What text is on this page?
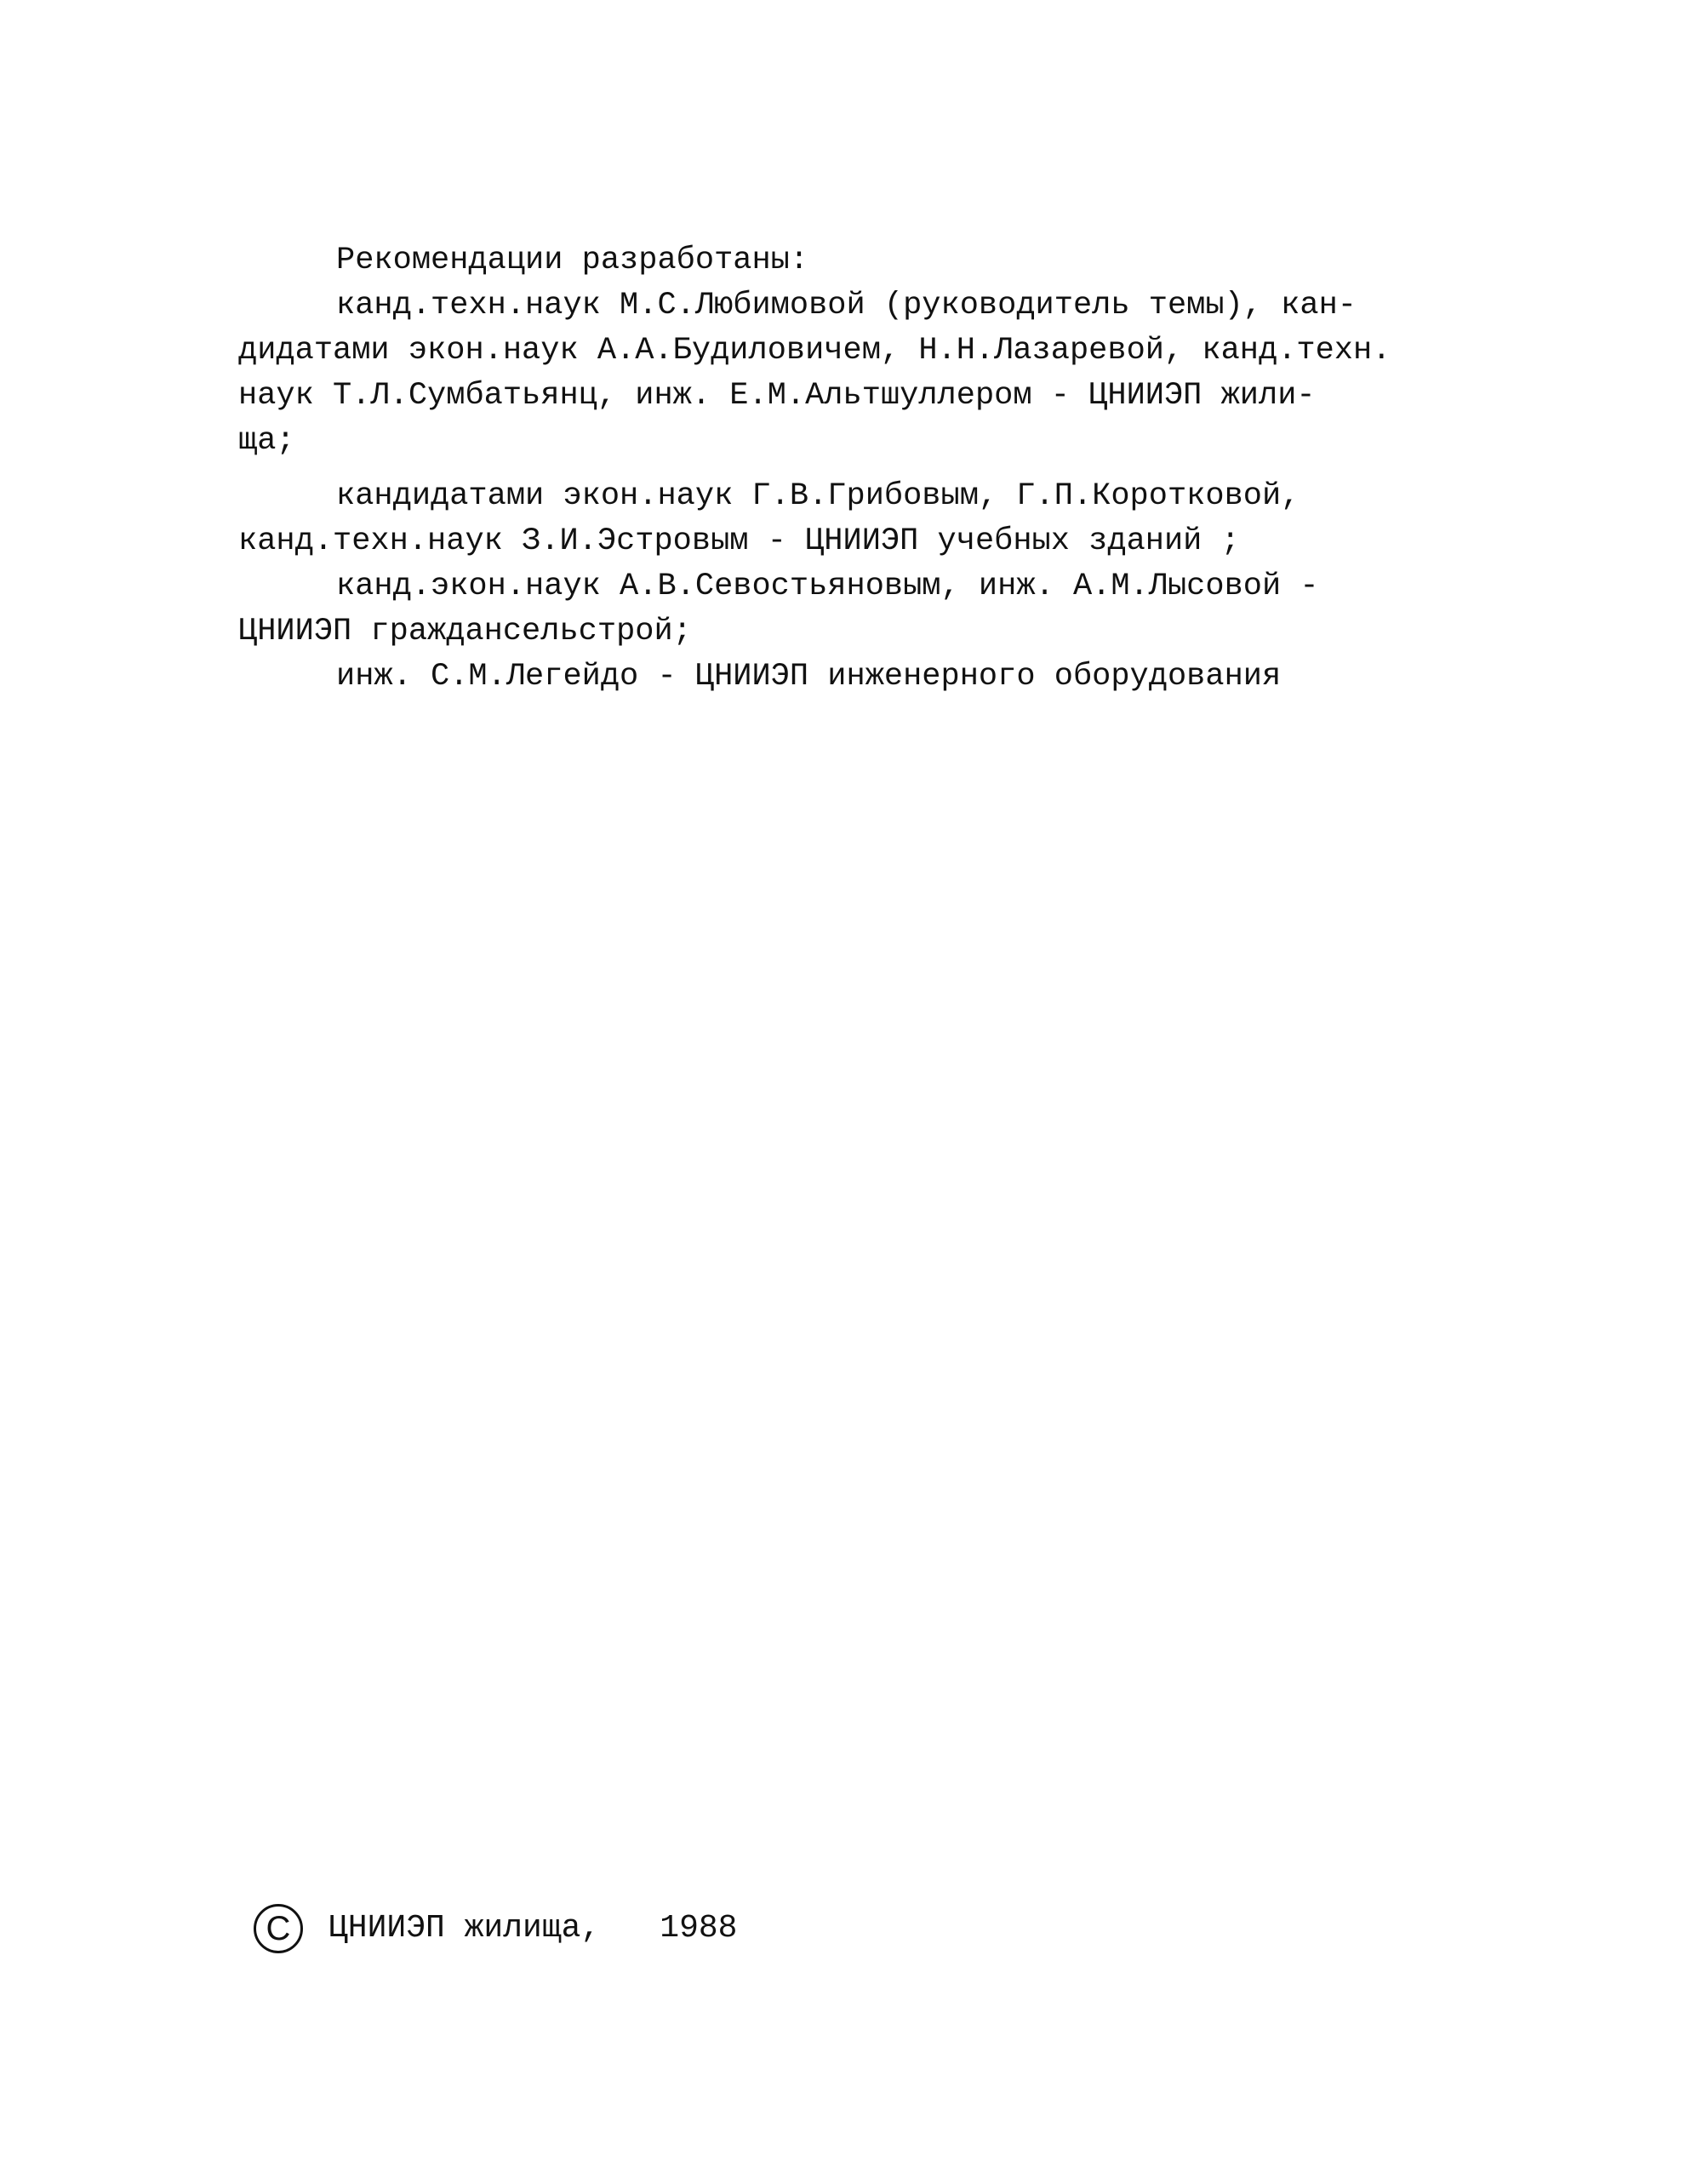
Рекомендации разработаны:
канд.техн.наук М.С.Любимовой (руководитель темы), кан-
дидатами экон.наук А.А.Будиловичем, Н.Н.Лазаревой, канд.техн.
наук Т.Л.Сумбатьянц, инж. Е.М.Альтшуллером - ЦНИИЭП жили-
ща;
кандидатами экон.наук Г.В.Грибовым, Г.П.Коротковой,
канд.техн.наук З.И.Эстровым - ЦНИИЭП учебных зданий ;
канд.экон.наук А.В.Севостьяновым, инж. А.М.Лысовой -
ЦНИИЭП граждансельстрой;
инж. С.М.Легейдо - ЦНИИЭП инженерного оборудования
C	ЦНИИЭП жилища, 1988
